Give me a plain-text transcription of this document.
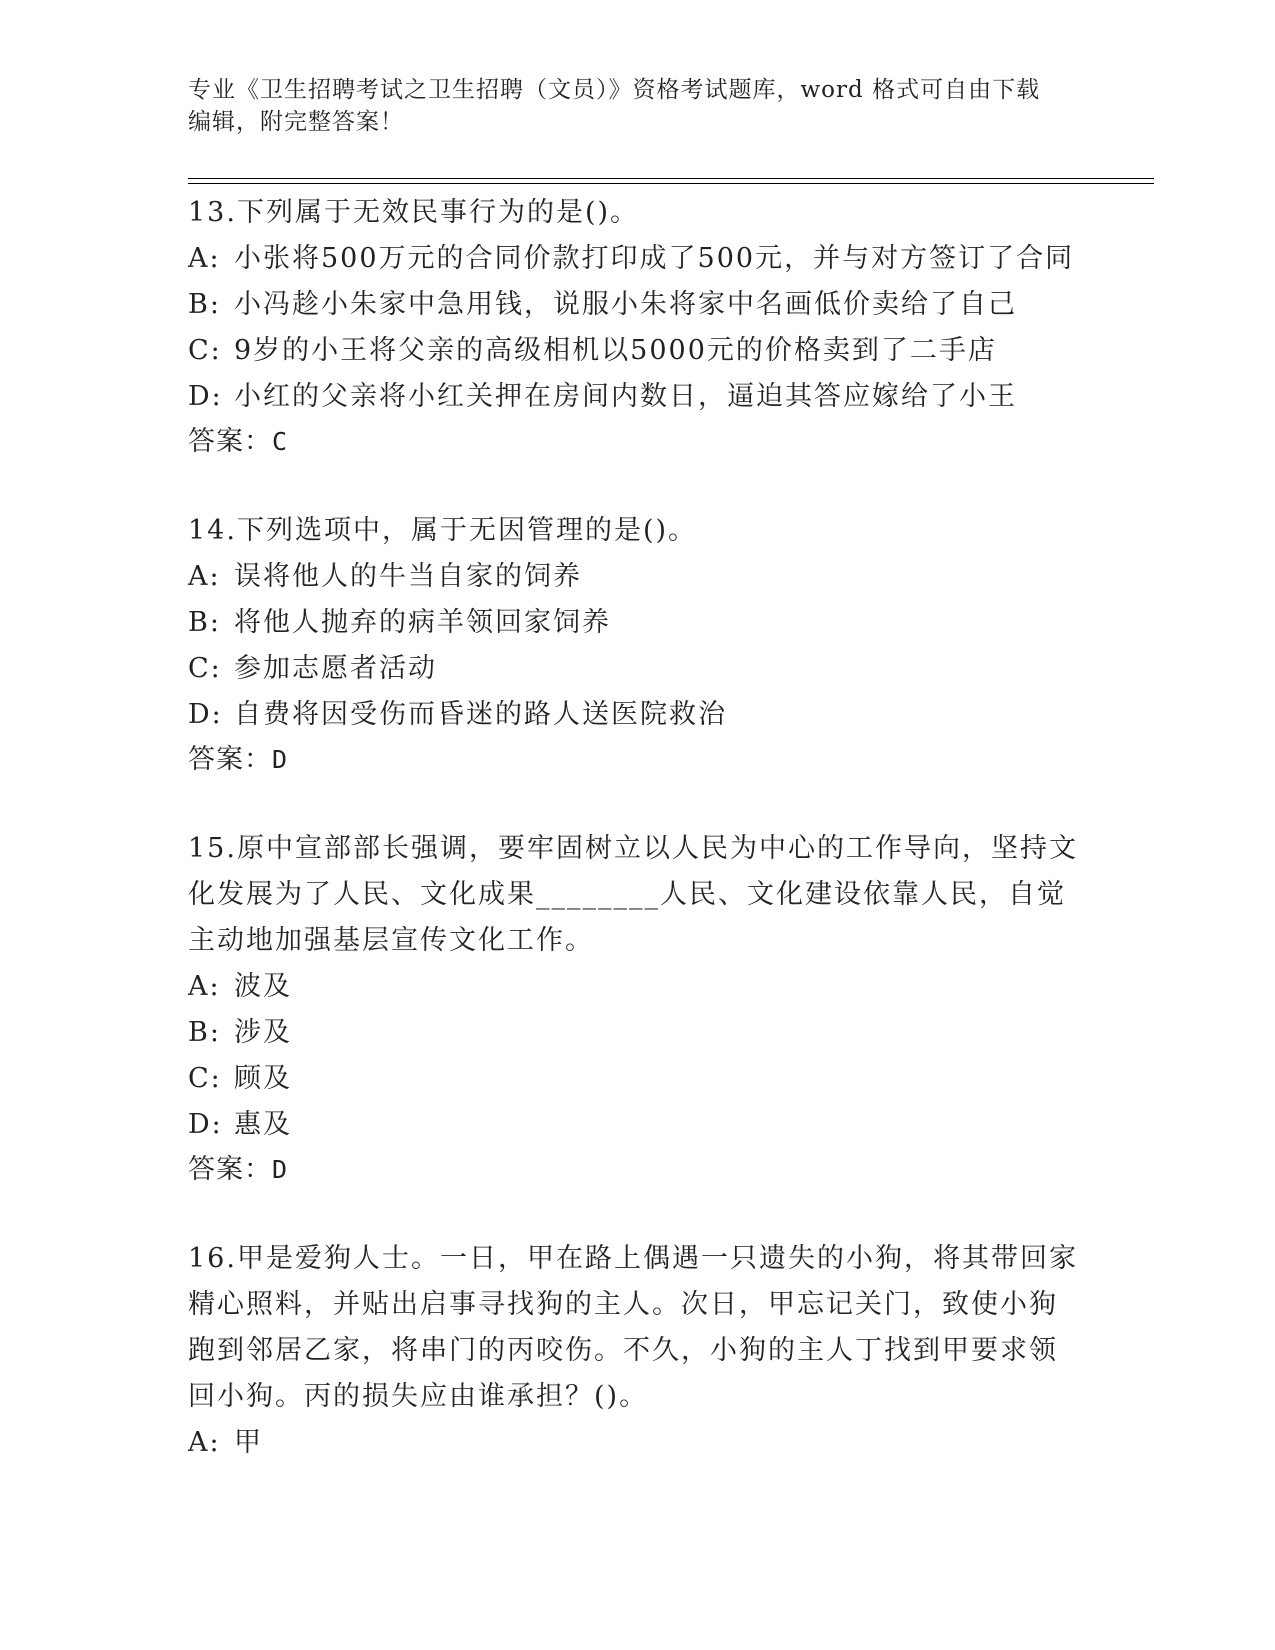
专业《卫生招聘考试之卫生招聘（文员）》资格考试题库，word 格式可自由下载
编辑，附完整答案！

13.下列属于无效民事行为的是()。

A: 小张将500万元的合同价款打印成了500元，并与对方签订了合同

B: 小冯趁小朱家中急用钱，说服小朱将家中名画低价卖给了自己

C: 9岁的小王将父亲的高级相机以5000元的价格卖到了二手店

D: 小红的父亲将小红关押在房间内数日，逼迫其答应嫁给了小王

答案：C

14.下列选项中，属于无因管理的是()。

A: 误将他人的牛当自家的饲养

B: 将他人抛弃的病羊领回家饲养

C: 参加志愿者活动

D: 自费将因受伤而昏迷的路人送医院救治

答案：D

15.原中宣部部长强调，要牢固树立以人民为中心的工作导向，坚持文

化发展为了人民、文化成果________人民、文化建设依靠人民，自觉

主动地加强基层宣传文化工作。

A: 波及

B: 涉及

C: 顾及

D: 惠及

答案：D

16.甲是爱狗人士。一日，甲在路上偶遇一只遗失的小狗，将其带回家

精心照料，并贴出启事寻找狗的主人。次日，甲忘记关门，致使小狗

跑到邻居乙家，将串门的丙咬伤。不久，小狗的主人丁找到甲要求领

回小狗。丙的损失应由谁承担？()。

A: 甲
